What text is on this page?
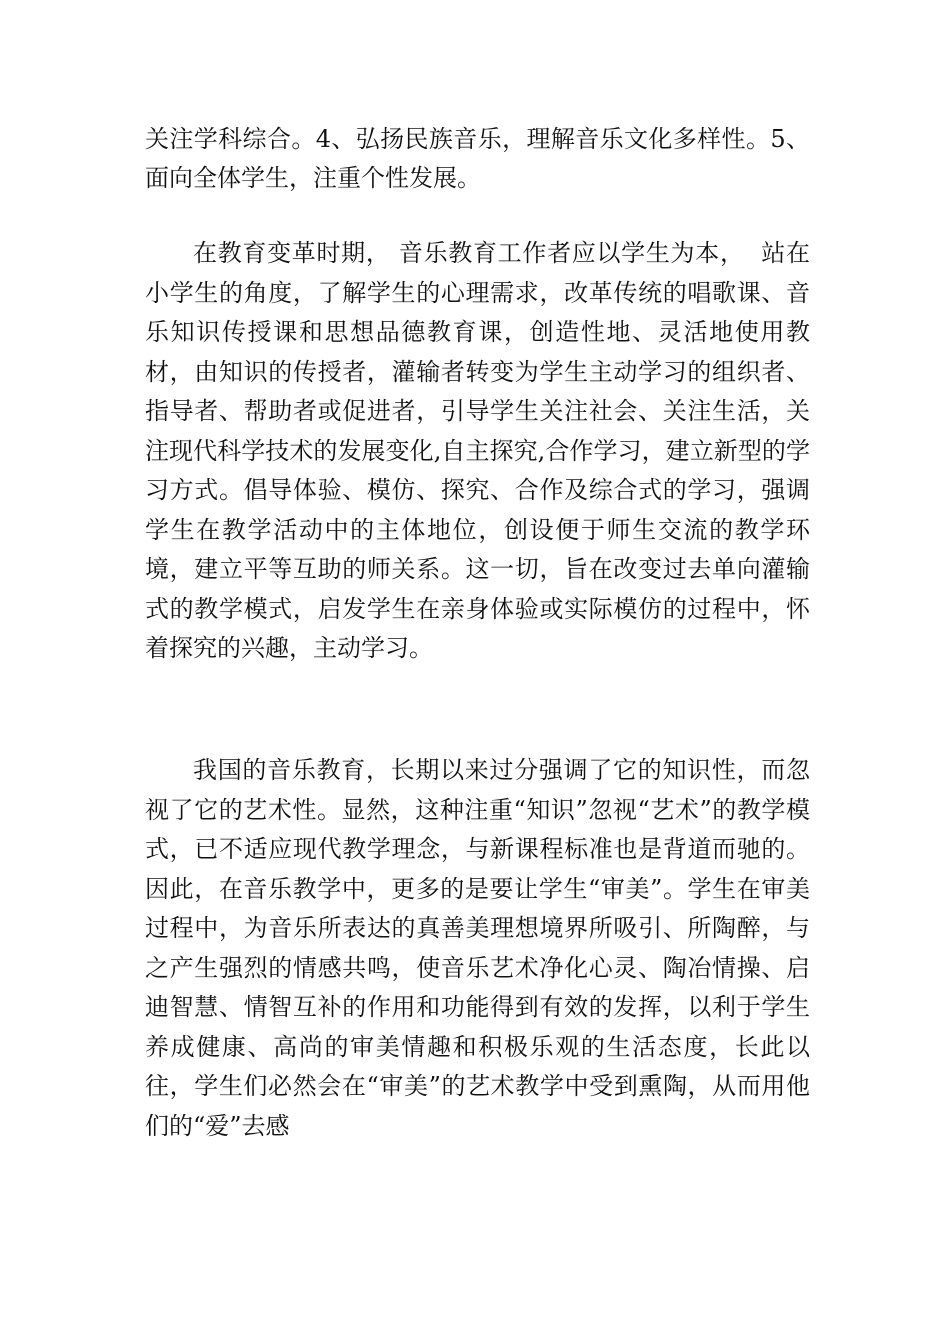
关注学科综合。4、弘扬民族音乐，理解音乐文化多样性。5、面向全体学生，注重个性发展。

在教育变革时期， 音乐教育工作者应以学生为本，  站在小学生的角度，了解学生的心理需求，改革传统的唱歌课、音乐知识传授课和思想品德教育课，创造性地、灵活地使用教材，由知识的传授者，灌输者转变为学生主动学习的组织者、指导者、帮助者或促进者，引导学生关注社会、关注生活，关注现代科学技术的发展变化,自主探究,合作学习，建立新型的学习方式。倡导体验、模仿、探究、合作及综合式的学习，强调学生在教学活动中的主体地位，创设便于师生交流的教学环境，建立平等互助的师关系。这一切，旨在改变过去单向灌输式的教学模式，启发学生在亲身体验或实际模仿的过程中，怀着探究的兴趣，主动学习。

我国的音乐教育，长期以来过分强调了它的知识性，而忽视了它的艺术性。显然，这种注重“知识”忽视“艺术”的教学模式，已不适应现代教学理念，与新课程标准也是背道而驰的。因此，在音乐教学中，更多的是要让学生“审美”。学生在审美过程中，为音乐所表达的真善美理想境界所吸引、所陶醉，与之产生强烈的情感共鸣，使音乐艺术净化心灵、陶冶情操、启迪智慧、情智互补的作用和功能得到有效的发挥，以利于学生养成健康、高尚的审美情趣和积极乐观的生活态度，长此以往，学生们必然会在“审美”的艺术教学中受到熏陶，从而用他们的“爱”去感
